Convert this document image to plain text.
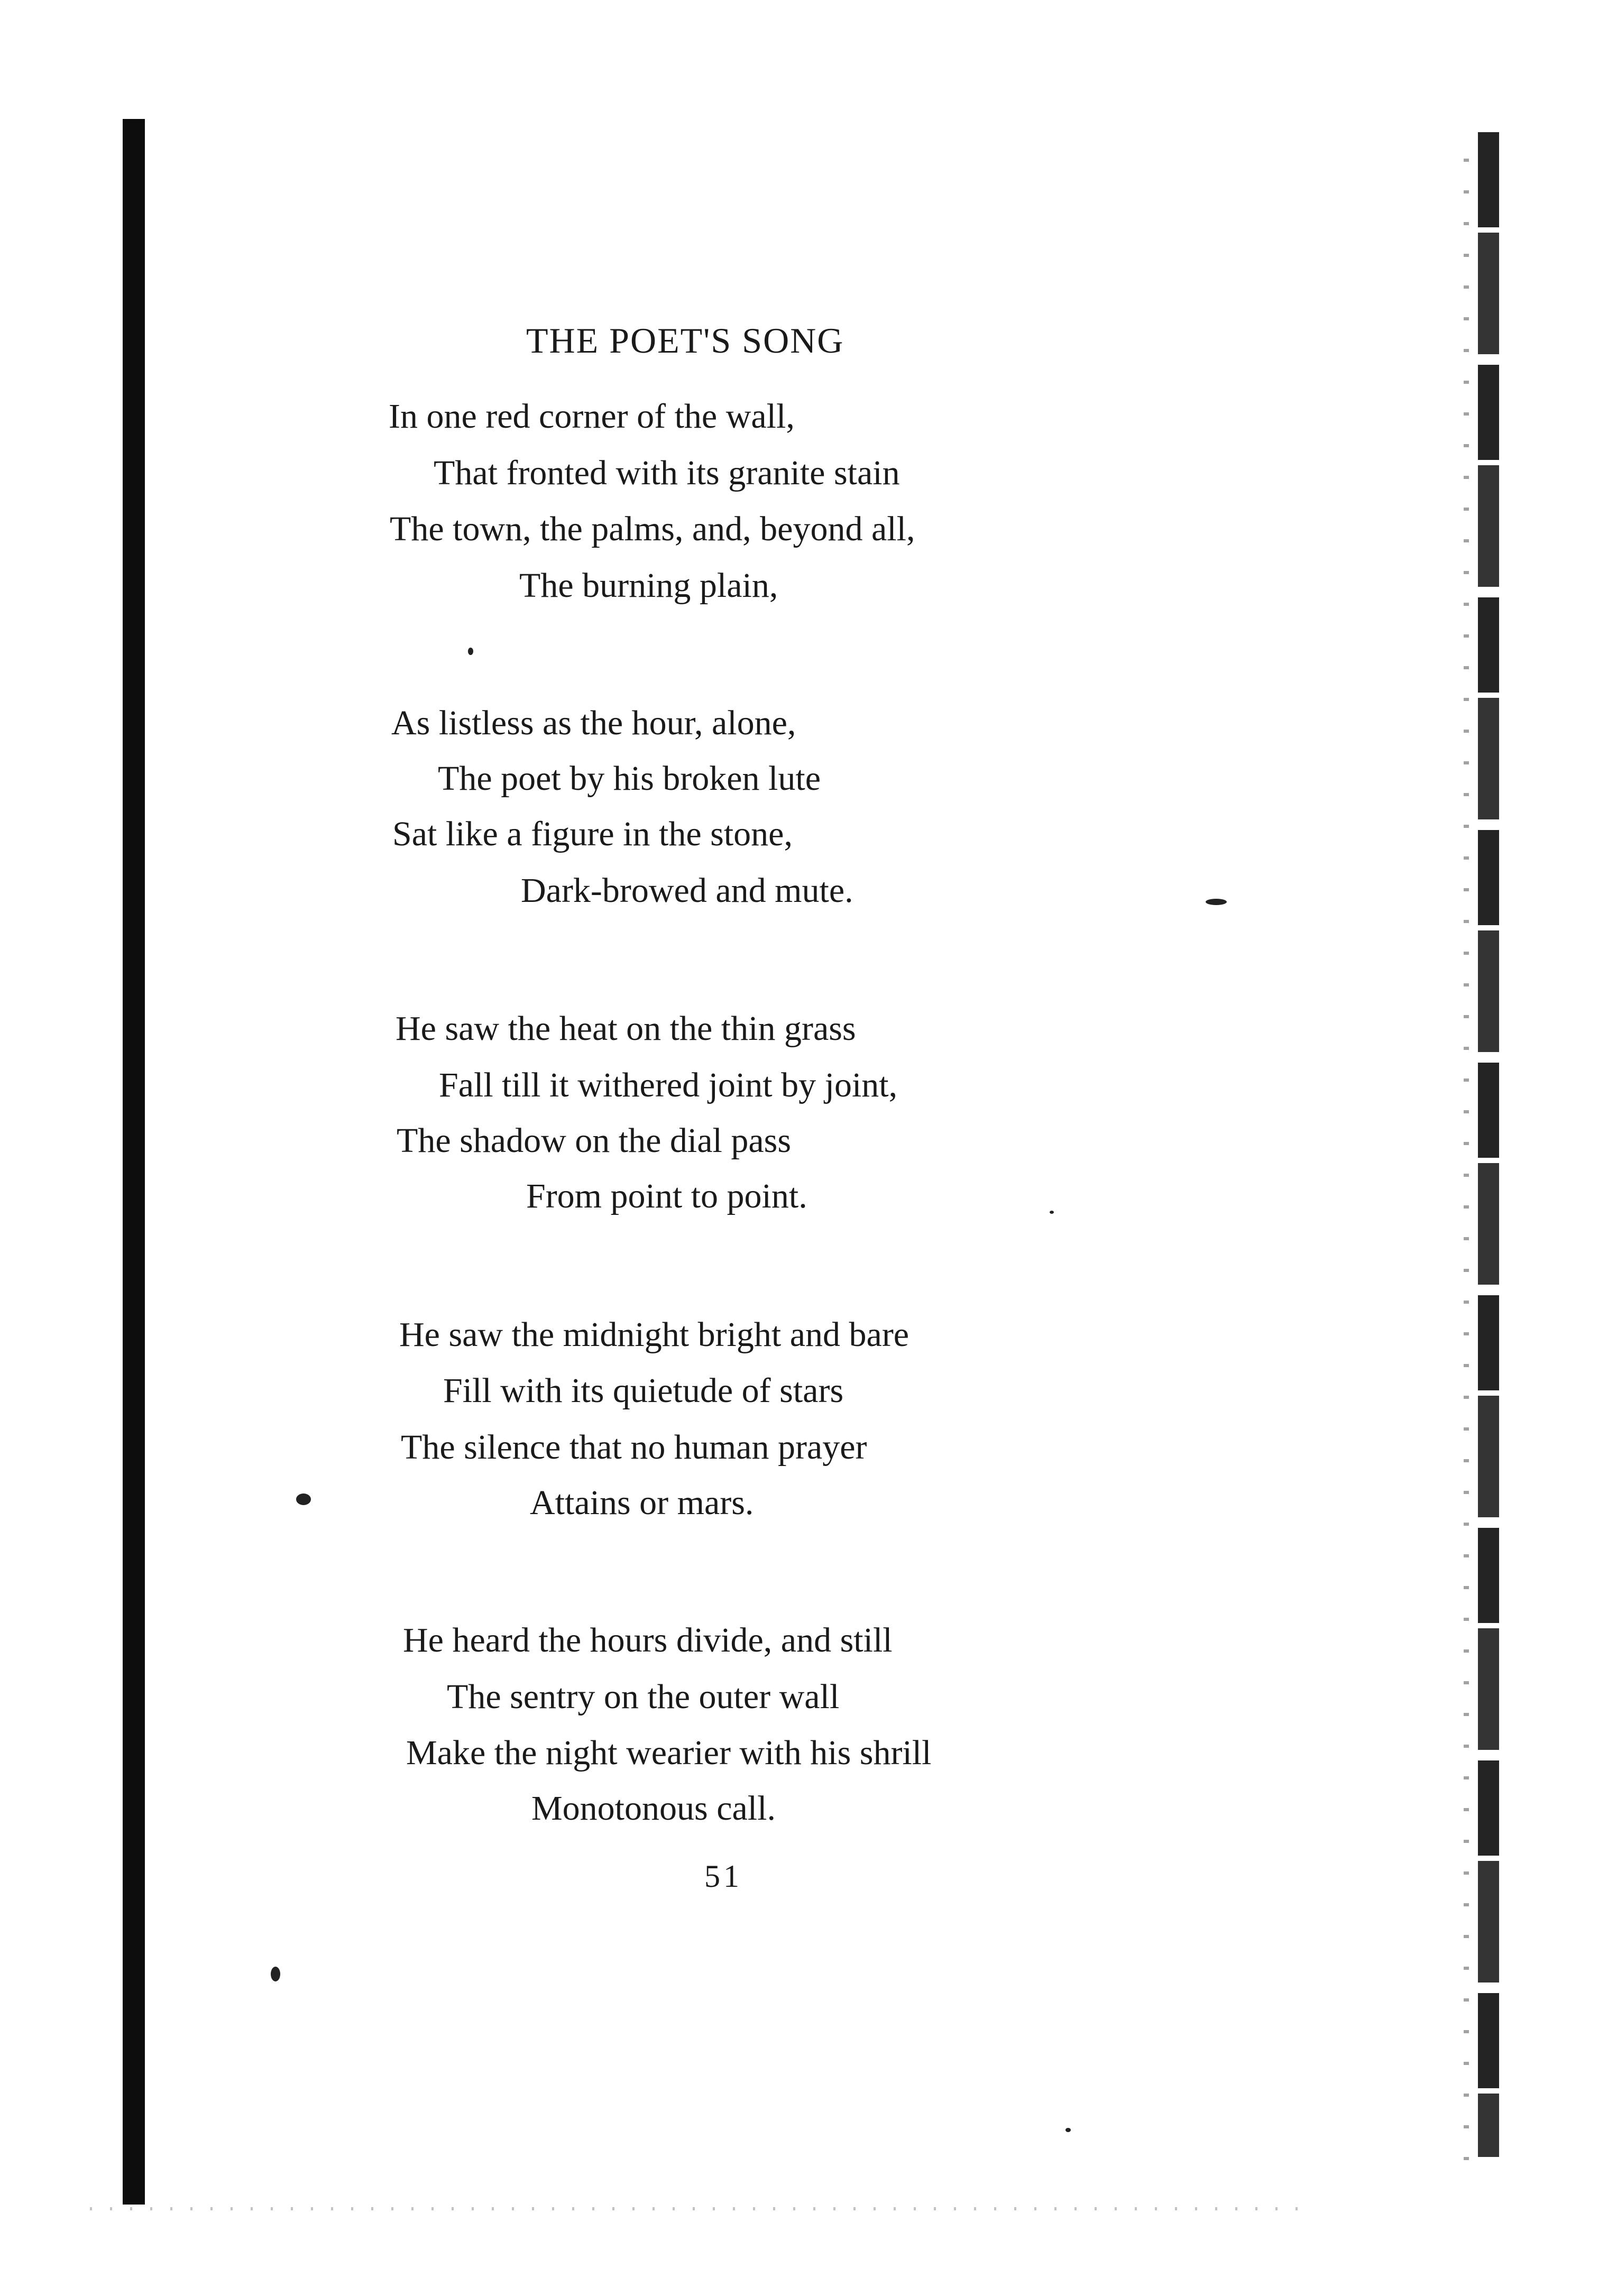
THE POET'S SONG
In one red corner of the wall,
That fronted with its granite stain
The town, the palms, and, beyond all,
The burning plain,
As listless as the hour, alone,
The poet by his broken lute
Sat like a figure in the stone,
Dark-browed and mute.
He saw the heat on the thin grass
Fall till it withered joint by joint,
The shadow on the dial pass
From point to point.
He saw the midnight bright and bare
Fill with its quietude of stars
The silence that no human prayer
Attains or mars.
He heard the hours divide, and still
The sentry on the outer wall
Make the night wearier with his shrill
Monotonous call.
51
